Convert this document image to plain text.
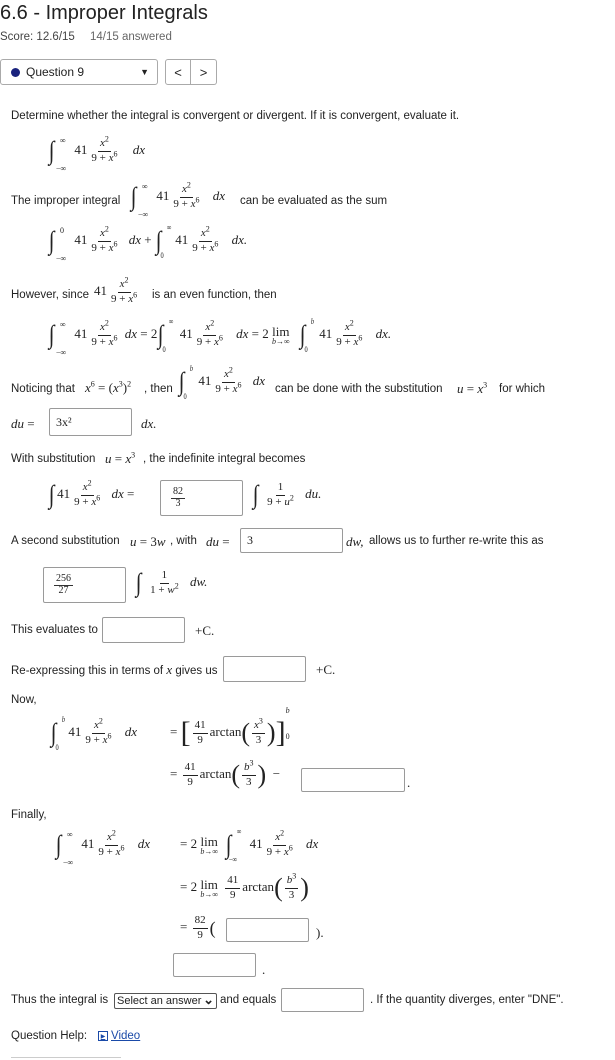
6.6 - Improper Integrals
Score: 12.6/15 14/15 answered
Question 9	▼ < >
Determine whether the integral is convergent or divergent. If it is convergent, evaluate it.
∫ ∞
−∞
$41 \frac{x^2}{9 + x^6}$ dx
The improper integral ∫ ∞
−∞
$41 \frac{x^2}{9 + x^6}$ dx can be evaluated as the sum
∫ 0
−∞
$41 \frac{x^2}{9 + x^6}$ dx + ∫ ∞
0
$41 \frac{x^2}{9 + x^6}$ dx.
However, since $41 \frac{x^2}{9 + x^6}$ is an even function, then
∫ ∞
−∞
$41 \frac{x^2}{9 + x^6}$ dx = 2∫ ∞
0
$41 \frac{x^2}{9 + x^6}$ dx = 2 lim
b→∞ ∫ b
0
$41 \frac{x^2}{9 + x^6}$ dx.
Noticing that $x^6 = (x^3)^2$ , then ∫ b
0
$41 \frac{x^2}{9 + x^6}$ dx
can be done with the substitution $u = x^3$ for which
du =	3x²	dx.
With substitution $u = x^3$ , the indefinite integral becomes
∫ $41 \frac{x^2}{9 + x^6}$ dx =	$\frac{82}{3}$	∫ $\frac{1}{9 + u^2}$ du.
A second substitution u = 3w , with du =	3	dw, allows us to further re-write this as
$\frac{256}{27}$ ∫ $\frac{1}{1 + w^2}$ dw.
This evaluates to	+C.
Re-expressing this in terms of x gives us	+C.
Now,
∫ b
0
$41 \frac{x^2}{9 + x^6}$ dx	= [ $\frac{41}{9} \arctan( \frac{x^3}{3}$ )]
b
0
= $\frac{41}{9} \arctan( \frac{b^3}{3}$ )  −
.
Finally,
∫ ∞
−∞
$41 \frac{x^2}{9 + x^6}$ dx = 2 lim
b→∞ ∫ ∞
−∞
$41 \frac{x^2}{9 + x^6}$ dx
= 2 lim
b→∞
$\frac{41}{9} \arctan( \frac{b^3}{3}$ )
= $\frac{82}{9}$ (	).
.
Thus the integral is Select an answer ⌄ and equals	. If the quantity diverges, enter "DNE".
Question Help:	▶ Video
